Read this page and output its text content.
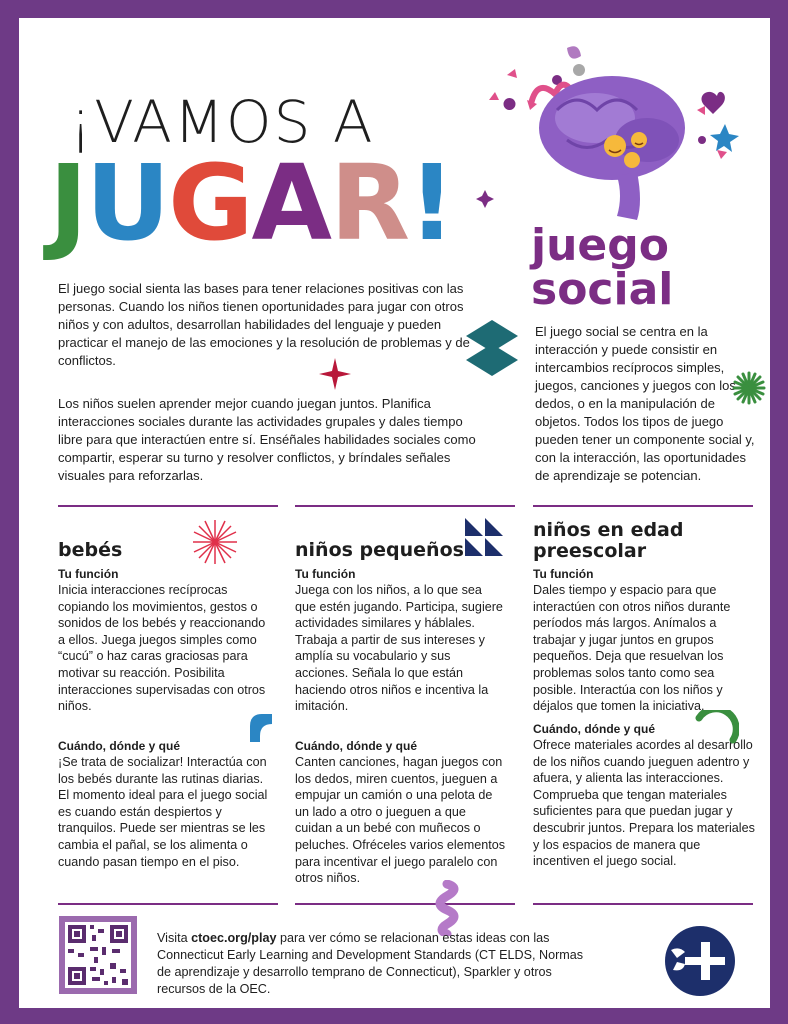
¡VAMOS A
JUGAR!

El juego social sienta las bases para tener relaciones positivas con las personas. Cuando los niños tienen oportunidades para jugar con otros niños y con adultos, desarrollan habilidades del lenguaje y pueden practicar el manejo de las emociones y la resolución de problemas y de conflictos.

Los niños suelen aprender mejor cuando juegan juntos. Planifica interacciones sociales durante las actividades grupales y dales tiempo libre para que interactúen entre sí. Enséñales habilidades sociales como compartir, esperar su turno y resolver conflictos, y bríndales señales visuales para reforzarlas.

juego
social

El juego social se centra en la interacción y puede consistir en intercambios recíprocos simples, juegos, canciones y juegos con los dedos, o en la manipulación de objetos. Todos los tipos de juego pueden tener un componente social y, con la interacción, las oportunidades de aprendizaje se potencian.

bebés
Tu función

Inicia interacciones recíprocas copiando los movimientos, gestos o sonidos de los bebés y reaccionando a ellos. Juega juegos simples como “cucú” o haz caras graciosas para motivar su reacción. Posibilita interacciones supervisadas con otros niños.

Cuándo, dónde y qué

¡Se trata de socializar! Interactúa con los bebés durante las rutinas diarias. El momento ideal para el juego social es cuando están despiertos y tranquilos. Puede ser mientras se les cambia el pañal, se los alimenta o cuando pasan tiempo en el piso.

niños pequeños
Tu función

Juega con los niños, a lo que sea que estén jugando. Participa, sugiere actividades similares y háblales. Trabaja a partir de sus intereses y amplía su vocabulario y sus acciones. Señala lo que están haciendo otros niños e incentiva la imitación.

Cuándo, dónde y qué

Canten canciones, hagan juegos con los dedos, miren cuentos, jueguen a empujar un camión o una pelota de un lado a otro o jueguen a que cuidan a un bebé con muñecos o peluches. Ofréceles varios elementos para incentivar el juego paralelo con otros niños.

niños en edad
preescolar
Tu función

Dales tiempo y espacio para que interactúen con otros niños durante períodos más largos. Anímalos a trabajar y jugar juntos en grupos pequeños. Deja que resuelvan los problemas solos tanto como sea posible. Interactúa con los niños y déjalos que tomen la iniciativa.

Cuándo, dónde y qué

Ofrece materiales acordes al desarrollo de los niños cuando jueguen adentro y afuera, y alienta las interacciones. Comprueba que tengan materiales suficientes para que puedan jugar y descubrir juntos. Prepara los materiales y los espacios de manera que incentiven el juego social.

Visita ctoec.org/play para ver cómo se relacionan estas ideas con las Connecticut Early Learning and Development Standards (CT ELDS, Normas de aprendizaje y desarrollo temprano de Connecticut), Sparkler y otros recursos de la OEC.
